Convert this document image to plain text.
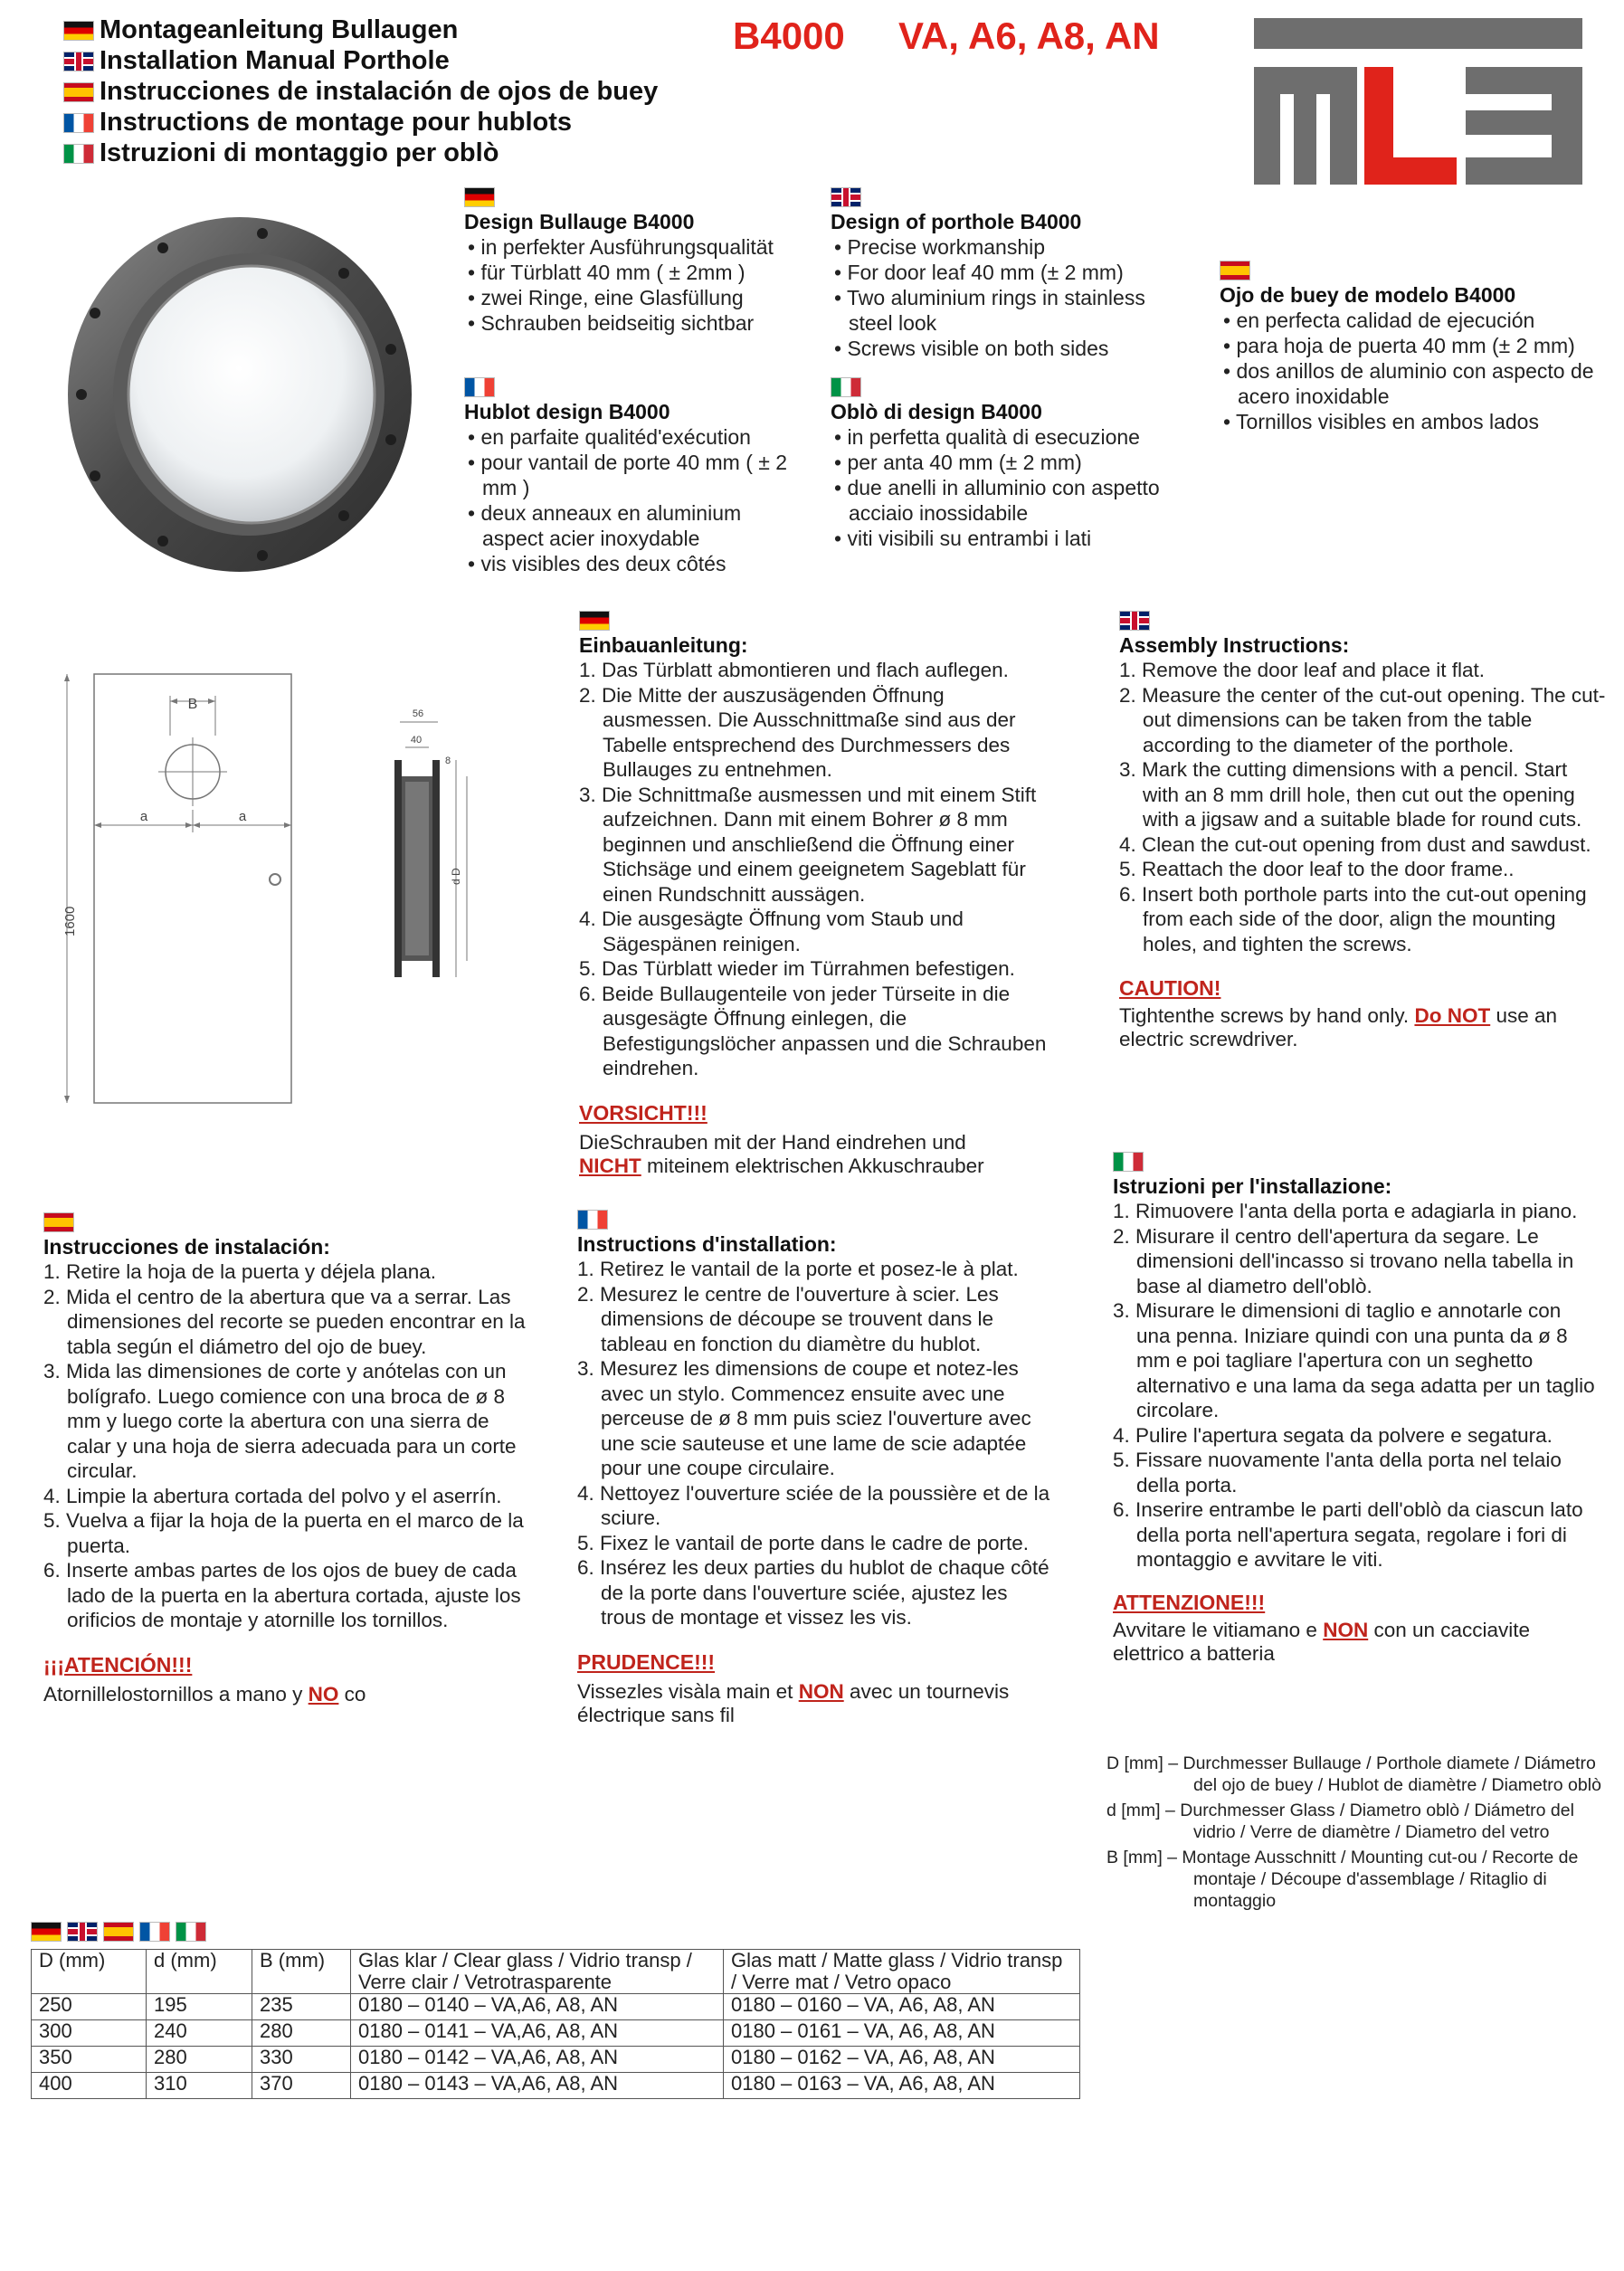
Montageanleitung Bullaugen
Installation Manual Porthole
Instrucciones de instalación de ojos de buey
Instructions de montage pour hublots
Istruzioni di montaggio per oblò
B4000 VA, A6, A8, AN
Design Bullauge B4000
• in perfekter Ausführungsqualität
• für Türblatt 40 mm ( ± 2mm )
• zwei Ringe, eine Glasfüllung
• Schrauben beidseitig sichtbar
Design of porthole B4000
• Precise workmanship
• For door leaf 40 mm (± 2 mm)
• Two aluminium rings in stainless steel look
• Screws visible on both sides
Ojo de buey de modelo B4000
• en perfecta calidad de ejecución
• para hoja de puerta 40 mm (± 2 mm)
• dos anillos de aluminio con aspecto de acero inoxidable
• Tornillos visibles en ambos lados
Hublot design B4000
• en parfaite qualitéd'exécution
• pour vantail de porte 40 mm ( ± 2 mm )
• deux anneaux en aluminium aspect acier inoxydable
• vis visibles des deux côtés
Oblò di design B4000
• in perfetta qualità di esecuzione
• per anta 40 mm (± 2 mm)
• due anelli in alluminio con aspetto acciaio inossidabile
• viti visibili su entrambi i lati
B
a	a
1600
56
40
8
d D
Einbauanleitung:
1. Das Türblatt abmontieren und flach auflegen.
2. Die Mitte der auszusägenden Öffnung ausmessen. Die Ausschnittmaße sind aus der Tabelle entsprechend des Durchmessers des Bullauges zu entnehmen.
3. Die Schnittmaße ausmessen und mit einem Stift aufzeichnen. Dann mit einem Bohrer ø 8 mm beginnen und anschließend die Öffnung einer Stichsäge und einem geeignetem Sageblatt für einen Rundschnitt aussägen.
4. Die ausgesägte Öffnung vom Staub und Sägespänen reinigen.
5. Das Türblatt wieder im Türrahmen befestigen.
6. Beide Bullaugenteile von jeder Türseite in die ausgesägte Öffnung einlegen, die Befestigungslöcher anpassen und die Schrauben eindrehen.
VORSICHT!!!
DieSchrauben mit der Hand eindrehen und
NICHT miteinem elektrischen Akkuschrauber
Assembly Instructions:
1. Remove the door leaf and place it flat.
2. Measure the center of the cut-out opening. The cut-out dimensions can be taken from the table according to the diameter of the porthole.
3. Mark the cutting dimensions with a pencil. Start with an 8 mm drill hole, then cut out the opening with a jigsaw and a suitable blade for round cuts.
4. Clean the cut-out opening from dust and sawdust.
5. Reattach the door leaf to the door frame..
6. Insert both porthole parts into the cut-out opening from each side of the door, align the mounting holes, and tighten the screws.
CAUTION!
Tightenthe screws by hand only. Do NOT use an electric screwdriver.
Istruzioni per l'installazione:
1. Rimuovere l'anta della porta e adagiarla in piano.
2. Misurare il centro dell'apertura da segare. Le dimensioni dell'incasso si trovano nella tabella in base al diametro dell'oblò.
3. Misurare le dimensioni di taglio e annotarle con una penna. Iniziare quindi con una punta da ø 8 mm e poi tagliare l'apertura con un seghetto alternativo e una lama da sega adatta per un taglio circolare.
4. Pulire l'apertura segata da polvere e segatura.
5. Fissare nuovamente l'anta della porta nel telaio della porta.
6. Inserire entrambe le parti dell'oblò da ciascun lato della porta nell'apertura segata, regolare i fori di montaggio e avvitare le viti.
ATTENZIONE!!!
Avvitare le vitiamano e NON con un cacciavite elettrico a batteria
Instrucciones de instalación:
1. Retire la hoja de la puerta y déjela plana.
2. Mida el centro de la abertura que va a serrar. Las dimensiones del recorte se pueden encontrar en la tabla según el diámetro del ojo de buey.
3. Mida las dimensiones de corte y anótelas con un bolígrafo. Luego comience con una broca de ø 8 mm y luego corte la abertura con una sierra de calar y una hoja de sierra adecuada para un corte circular.
4. Limpie la abertura cortada del polvo y el aserrín.
5. Vuelva a fijar la hoja de la puerta en el marco de la puerta.
6. Inserte ambas partes de los ojos de buey de cada lado de la puerta en la abertura cortada, ajuste los orificios de montaje y atornille los tornillos.
¡¡¡ATENCIÓN!!!
Atornillelostornillos a mano y NO co
Instructions d'installation:
1. Retirez le vantail de la porte et posez-le à plat.
2. Mesurez le centre de l'ouverture à scier. Les dimensions de découpe se trouvent dans le tableau en fonction du diamètre du hublot.
3. Mesurez les dimensions de coupe et notez-les avec un stylo. Commencez ensuite avec une perceuse de ø 8 mm puis sciez l'ouverture avec une scie sauteuse et une lame de scie adaptée pour une coupe circulaire.
4. Nettoyez l'ouverture sciée de la poussière et de la sciure.
5. Fixez le vantail de porte dans le cadre de porte.
6. Insérez les deux parties du hublot de chaque côté de la porte dans l'ouverture sciée, ajustez les trous de montage et vissez les vis.
PRUDENCE!!!
Vissezles visàla main et NON avec un tournevis électrique sans fil
D [mm] – Durchmesser Bullauge / Porthole diamete / Diámetro del ojo de buey / Hublot de diamètre / Diametro oblò
d [mm] – Durchmesser Glass / Diametro oblò / Diámetro del vidrio / Verre de diamètre / Diametro del vetro
B [mm] – Montage Ausschnitt / Mounting cut-ou / Recorte de montaje / Découpe d'assemblage / Ritaglio di montaggio
D (mm)	d (mm)	B (mm)	Glas klar / Clear glass / Vidrio transp / Verre clair / Vetrotrasparente	Glas matt / Matte glass / Vidrio transp / Verre mat / Vetro opaco
250	195	235	0180 – 0140 – VA,A6, A8, AN	0180 – 0160 – VA, A6, A8, AN
300	240	280	0180 – 0141 – VA,A6, A8, AN	0180 – 0161 – VA, A6, A8, AN
350	280	330	0180 – 0142 – VA,A6, A8, AN	0180 – 0162 – VA, A6, A8, AN
400	310	370	0180 – 0143 – VA,A6, A8, AN	0180 – 0163 – VA, A6, A8, AN
